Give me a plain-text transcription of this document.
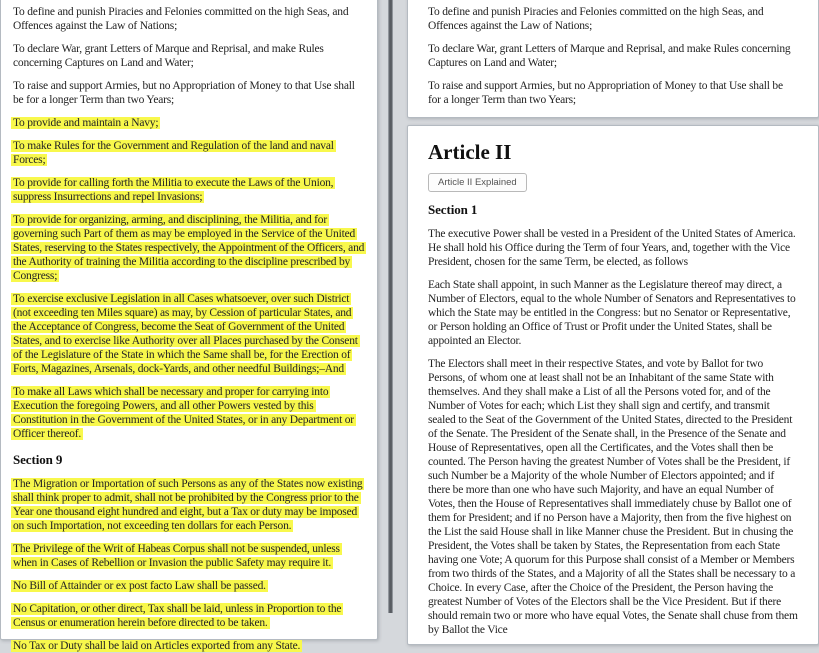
To define and punish Piracies and Felonies committed on the high Seas, and Offences against the Law of Nations;

To declare War, grant Letters of Marque and Reprisal, and make Rules concerning Captures on Land and Water;

To raise and support Armies, but no Appropriation of Money to that Use shall be for a longer Term than two Years;

To provide and maintain a Navy;

To make Rules for the Government and Regulation of the land and naval Forces;

To provide for calling forth the Militia to execute the Laws of the Union, suppress Insurrections and repel Invasions;

To provide for organizing, arming, and disciplining, the Militia, and for governing such Part of them as may be employed in the Service of the United States, reserving to the States respectively, the Appointment of the Officers, and the Authority of training the Militia according to the discipline prescribed by Congress;

To exercise exclusive Legislation in all Cases whatsoever, over such District (not exceeding ten Miles square) as may, by Cession of particular States, and the Acceptance of Congress, become the Seat of Government of the United States, and to exercise like Authority over all Places purchased by the Consent of the Legislature of the State in which the Same shall be, for the Erection of Forts, Magazines, Arsenals, dock-Yards, and other needful Buildings;–And

To make all Laws which shall be necessary and proper for carrying into Execution the foregoing Powers, and all other Powers vested by this Constitution in the Government of the United States, or in any Department or Officer thereof.

Section 9

The Migration or Importation of such Persons as any of the States now existing shall think proper to admit, shall not be prohibited by the Congress prior to the Year one thousand eight hundred and eight, but a Tax or duty may be imposed on such Importation, not exceeding ten dollars for each Person.

The Privilege of the Writ of Habeas Corpus shall not be suspended, unless when in Cases of Rebellion or Invasion the public Safety may require it.

No Bill of Attainder or ex post facto Law shall be passed.

No Capitation, or other direct, Tax shall be laid, unless in Proportion to the Census or enumeration herein before directed to be taken.

No Tax or Duty shall be laid on Articles exported from any State.

To define and punish Piracies and Felonies committed on the high Seas, and Offences against the Law of Nations;

To declare War, grant Letters of Marque and Reprisal, and make Rules concerning Captures on Land and Water;

To raise and support Armies, but no Appropriation of Money to that Use shall be for a longer Term than two Years;

Article II
Article II Explained
Section 1

The executive Power shall be vested in a President of the United States of America. He shall hold his Office during the Term of four Years, and, together with the Vice President, chosen for the same Term, be elected, as follows

Each State shall appoint, in such Manner as the Legislature thereof may direct, a Number of Electors, equal to the whole Number of Senators and Representatives to which the State may be entitled in the Congress: but no Senator or Representative, or Person holding an Office of Trust or Profit under the United States, shall be appointed an Elector.

The Electors shall meet in their respective States, and vote by Ballot for two Persons, of whom one at least shall not be an Inhabitant of the same State with themselves. And they shall make a List of all the Persons voted for, and of the Number of Votes for each; which List they shall sign and certify, and transmit sealed to the Seat of the Government of the United States, directed to the President of the Senate. The President of the Senate shall, in the Presence of the Senate and House of Representatives, open all the Certificates, and the Votes shall then be counted. The Person having the greatest Number of Votes shall be the President, if such Number be a Majority of the whole Number of Electors appointed; and if there be more than one who have such Majority, and have an equal Number of Votes, then the House of Representatives shall immediately chuse by Ballot one of them for President; and if no Person have a Majority, then from the five highest on the List the said House shall in like Manner chuse the President. But in chusing the President, the Votes shall be taken by States, the Representation from each State having one Vote; A quorum for this Purpose shall consist of a Member or Members from two thirds of the States, and a Majority of all the States shall be necessary to a Choice. In every Case, after the Choice of the President, the Person having the greatest Number of Votes of the Electors shall be the Vice President. But if there should remain two or more who have equal Votes, the Senate shall chuse from them by Ballot the Vice
